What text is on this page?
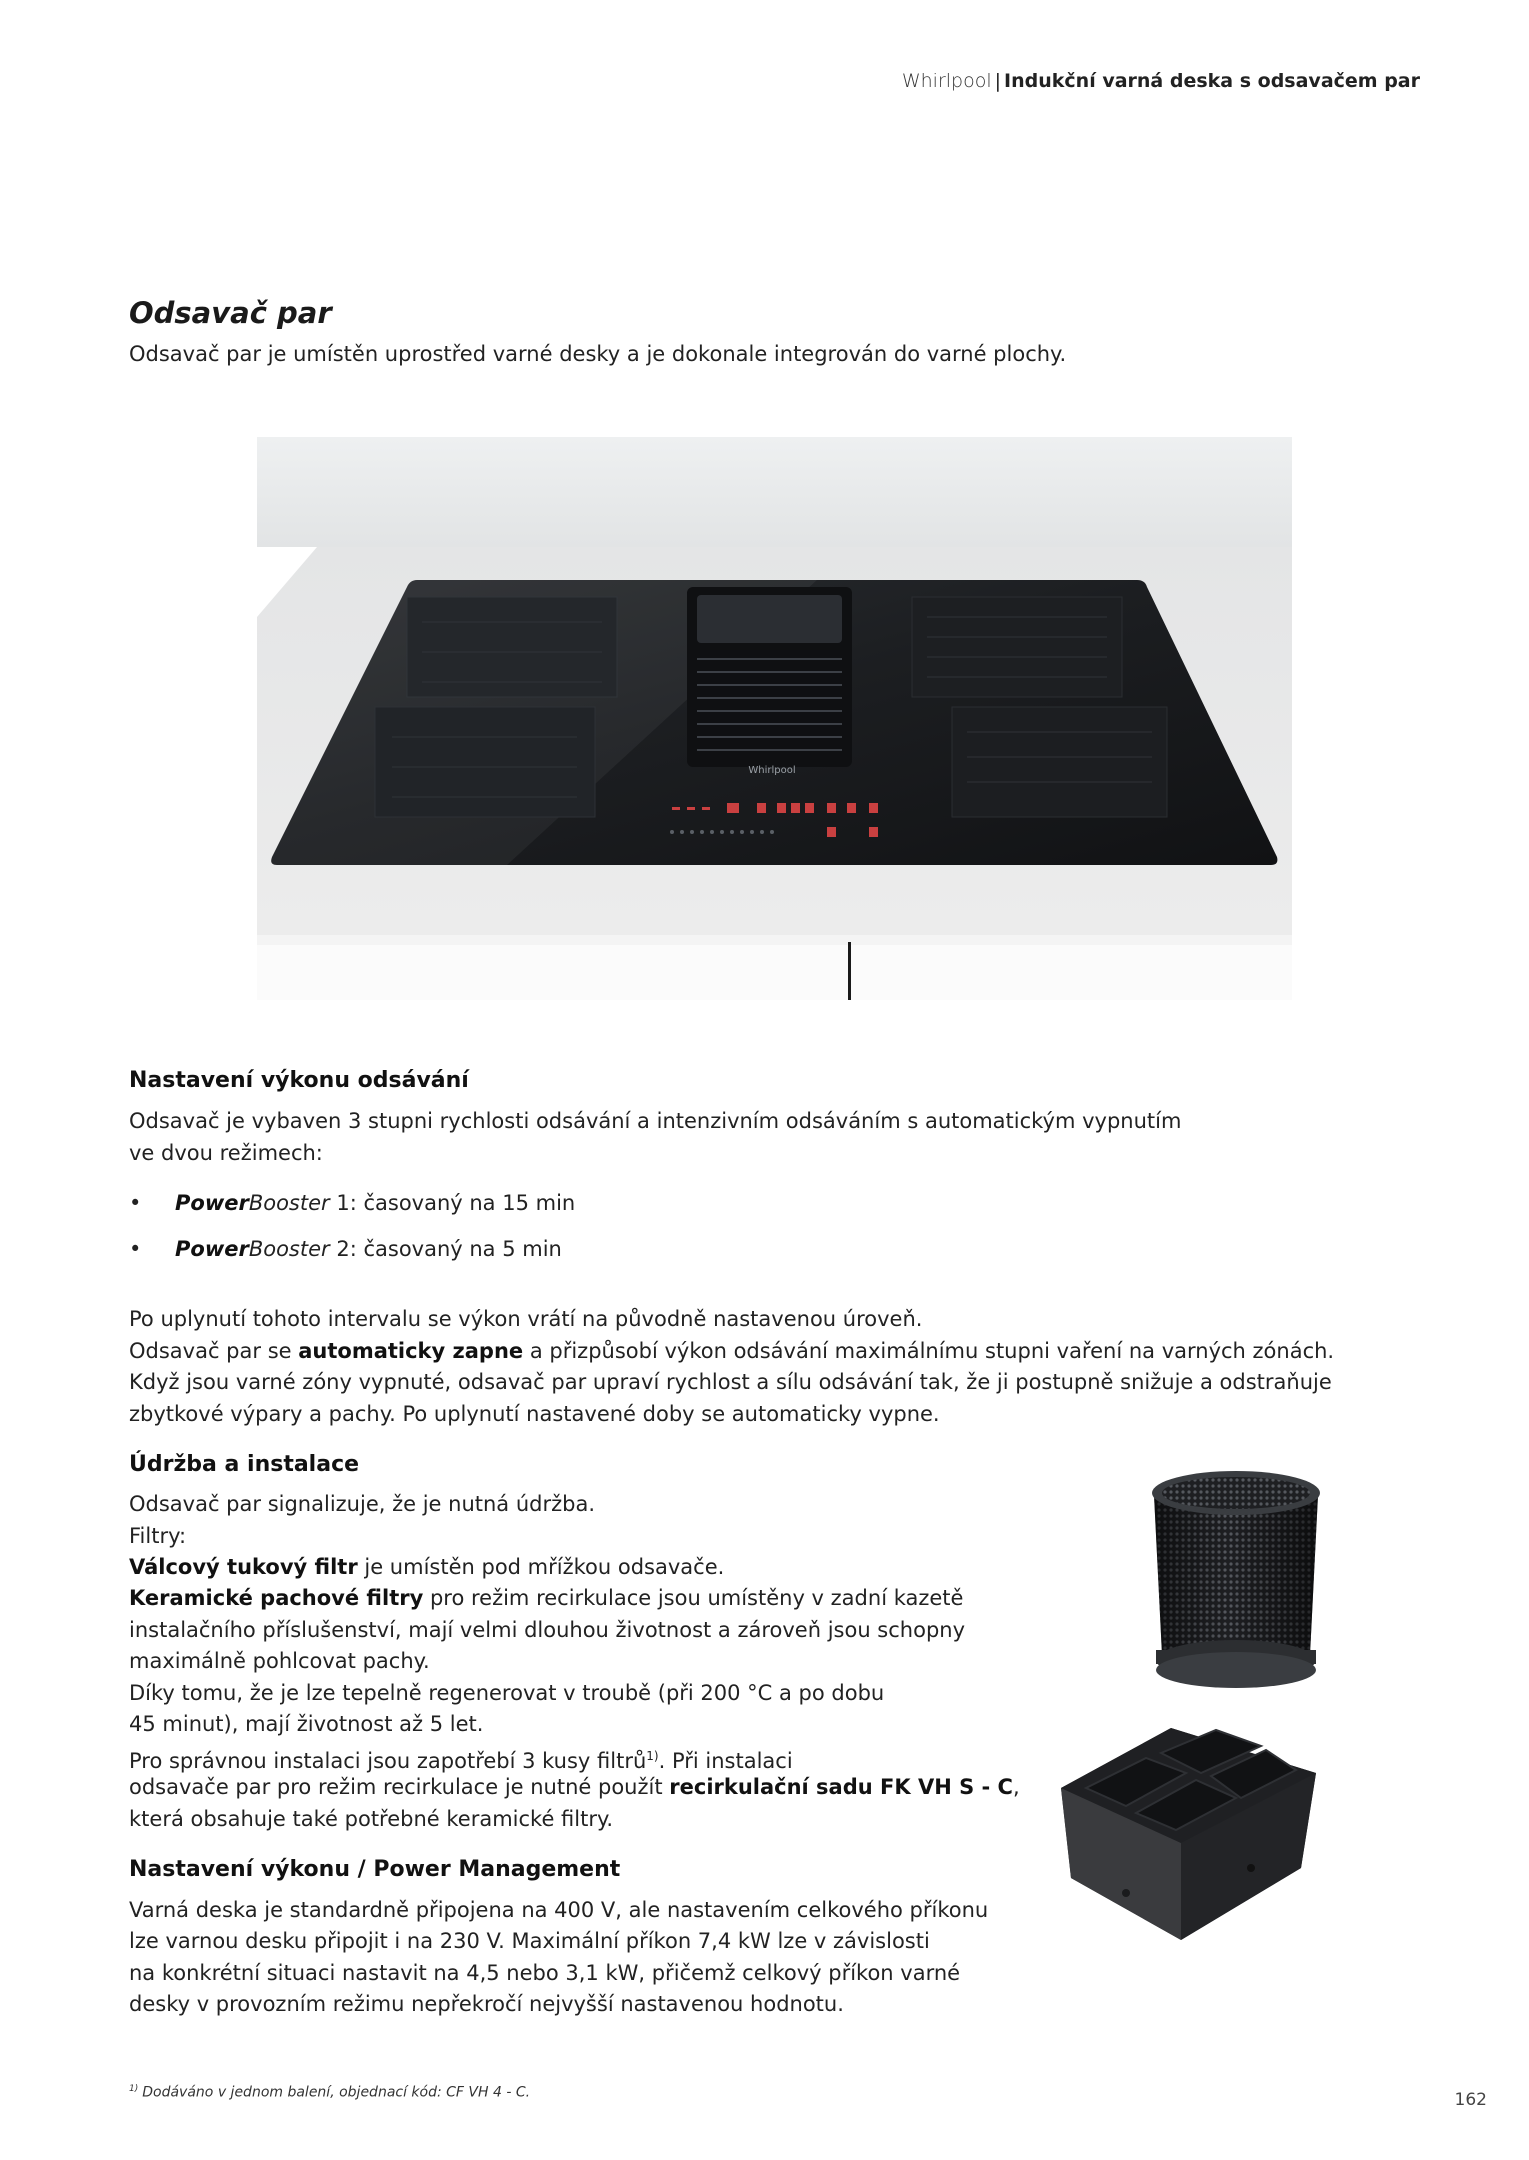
Whirlpool | Indukční varná deska s odsavačem par
Odsavač par
Odsavač par je umístěn uprostřed varné desky a je dokonale integrován do varné plochy.
Whirlpool
Nastavení výkonu odsávání
Odsavač je vybaven 3 stupni rychlosti odsávání a intenzivním odsáváním s automatickým vypnutím
ve dvou režimech:
• PowerBooster 1: časovaný na 15 min
• PowerBooster 2: časovaný na 5 min
Po uplynutí tohoto intervalu se výkon vrátí na původně nastavenou úroveň.
Odsavač par se automaticky zapne a přizpůsobí výkon odsávání maximálnímu stupni vaření na varných zónách.
Když jsou varné zóny vypnuté, odsavač par upraví rychlost a sílu odsávání tak, že ji postupně snižuje a odstraňuje
zbytkové výpary a pachy. Po uplynutí nastavené doby se automaticky vypne.
Údržba a instalace
Odsavač par signalizuje, že je nutná údržba.
Filtry:
Válcový tukový filtr je umístěn pod mřížkou odsavače.
Keramické pachové filtry pro režim recirkulace jsou umístěny v zadní kazetě
instalačního příslušenství, mají velmi dlouhou životnost a zároveň jsou schopny
maximálně pohlcovat pachy.
Díky tomu, že je lze tepelně regenerovat v troubě (při 200 °C a po dobu
45 minut), mají životnost až 5 let.
Pro správnou instalaci jsou zapotřebí 3 kusy filtrů$^{1)}$. Při instalaci
odsavače par pro režim recirkulace je nutné použít recirkulační sadu FK VH S - C,
která obsahuje také potřebné keramické filtry.
Nastavení výkonu / Power Management
Varná deska je standardně připojena na 400 V, ale nastavením celkového příkonu
lze varnou desku připojit i na 230 V. Maximální příkon 7,4 kW lze v závislosti
na konkrétní situaci nastavit na 4,5 nebo 3,1 kW, přičemž celkový příkon varné
desky v provozním režimu nepřekročí nejvyšší nastavenou hodnotu.
$^{1)}$ Dodáváno v jednom balení, objednací kód: CF VH 4 - C.	162
